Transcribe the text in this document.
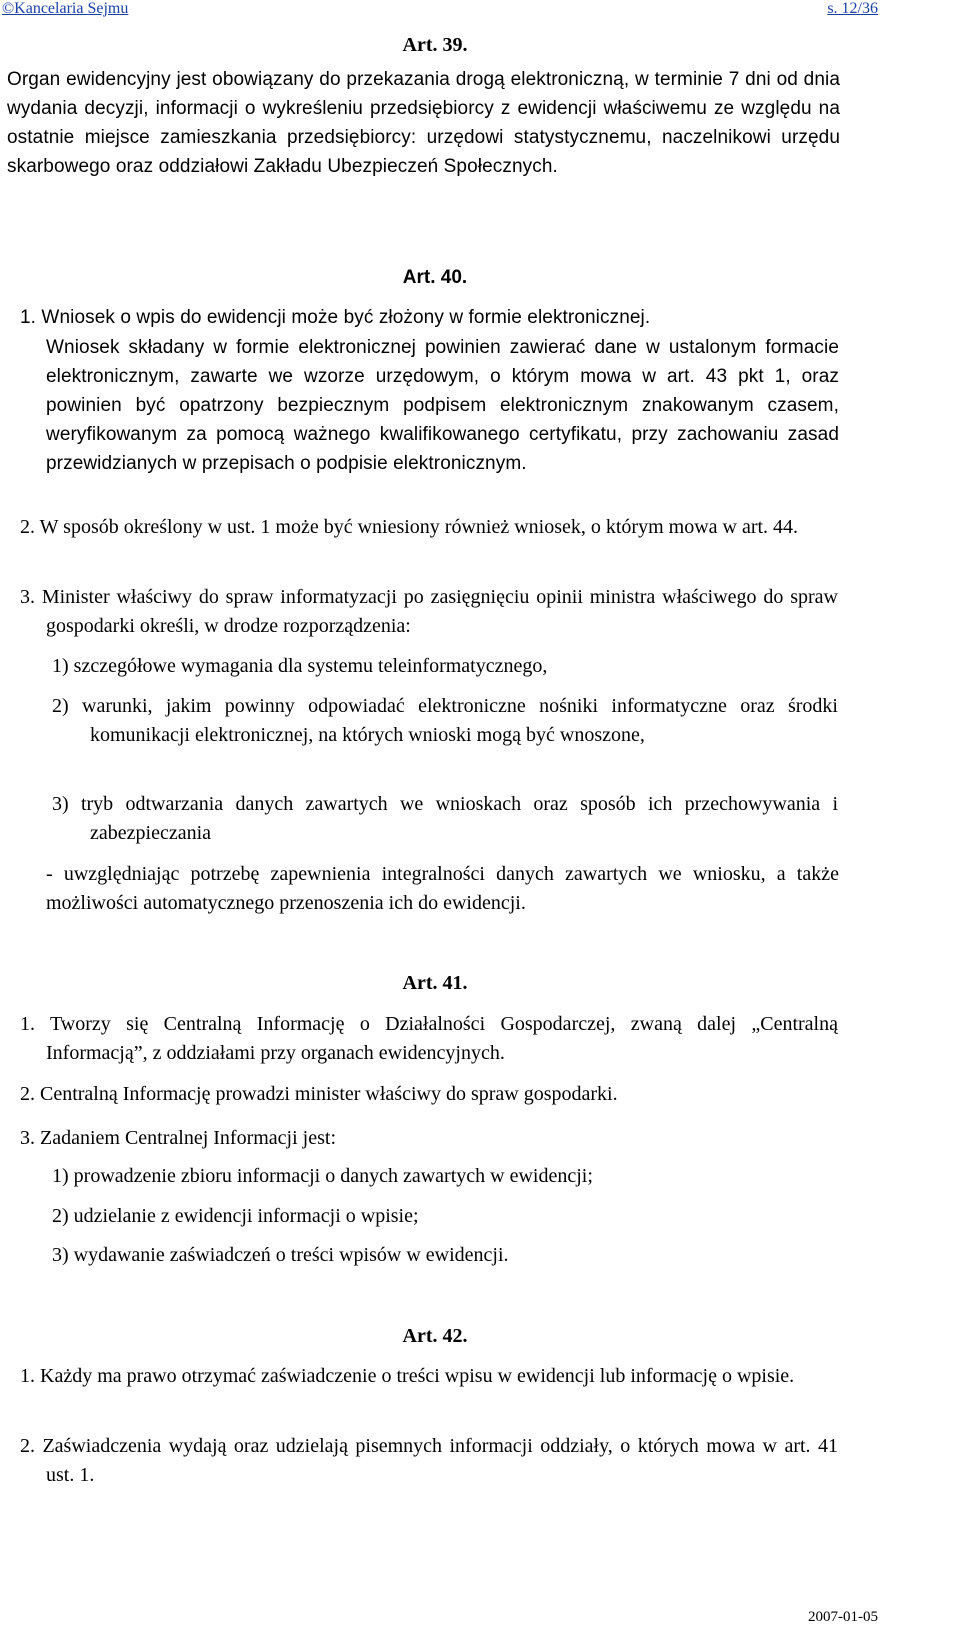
©Kancelaria Sejmu	s. 12/36
Art. 39.

Organ ewidencyjny jest obowiązany do przekazania drogą elektroniczną, w terminie 7 dni od dnia wydania decyzji, informacji o wykreśleniu przedsiębiorcy z ewidencji właściwemu ze względu na ostatnie miejsce zamieszkania przedsiębiorcy: urzędowi statystycznemu, naczelnikowi urzędu skarbowego oraz oddziałowi Zakładu Ubezpieczeń Społecznych.

Art. 40.

1. Wniosek o wpis do ewidencji może być złożony w formie elektronicznej.

Wniosek składany w formie elektronicznej powinien zawierać dane w ustalonym formacie elektronicznym, zawarte we wzorze urzędowym, o którym mowa w art. 43 pkt 1, oraz powinien być opatrzony bezpiecznym podpisem elektronicznym znakowanym czasem, weryfikowanym za pomocą ważnego kwalifikowanego certyfikatu, przy zachowaniu zasad przewidzianych w przepisach o podpisie elektronicznym.

2. W sposób określony w ust. 1 może być wniesiony również wniosek, o którym mowa w art. 44.

3. Minister właściwy do spraw informatyzacji po zasięgnięciu opinii ministra właściwego do spraw gospodarki określi, w drodze rozporządzenia:

1) szczegółowe wymagania dla systemu teleinformatycznego,

2) warunki, jakim powinny odpowiadać elektroniczne nośniki informatyczne oraz środki komunikacji elektronicznej, na których wnioski mogą być wnoszone,

3) tryb odtwarzania danych zawartych we wnioskach oraz sposób ich przechowywania i zabezpieczania

- uwzględniając potrzebę zapewnienia integralności danych zawartych we wniosku, a także możliwości automatycznego przenoszenia ich do ewidencji.

Art. 41.

1. Tworzy się Centralną Informację o Działalności Gospodarczej, zwaną dalej „Centralną Informacją”, z oddziałami przy organach ewidencyjnych.

2. Centralną Informację prowadzi minister właściwy do spraw gospodarki.

3. Zadaniem Centralnej Informacji jest:

1) prowadzenie zbioru informacji o danych zawartych w ewidencji;

2) udzielanie z ewidencji informacji o wpisie;

3) wydawanie zaświadczeń o treści wpisów w ewidencji.

Art. 42.

1. Każdy ma prawo otrzymać zaświadczenie o treści wpisu w ewidencji lub informację o wpisie.

2. Zaświadczenia wydają oraz udzielają pisemnych informacji oddziały, o których mowa w art. 41 ust. 1.

2007-01-05
